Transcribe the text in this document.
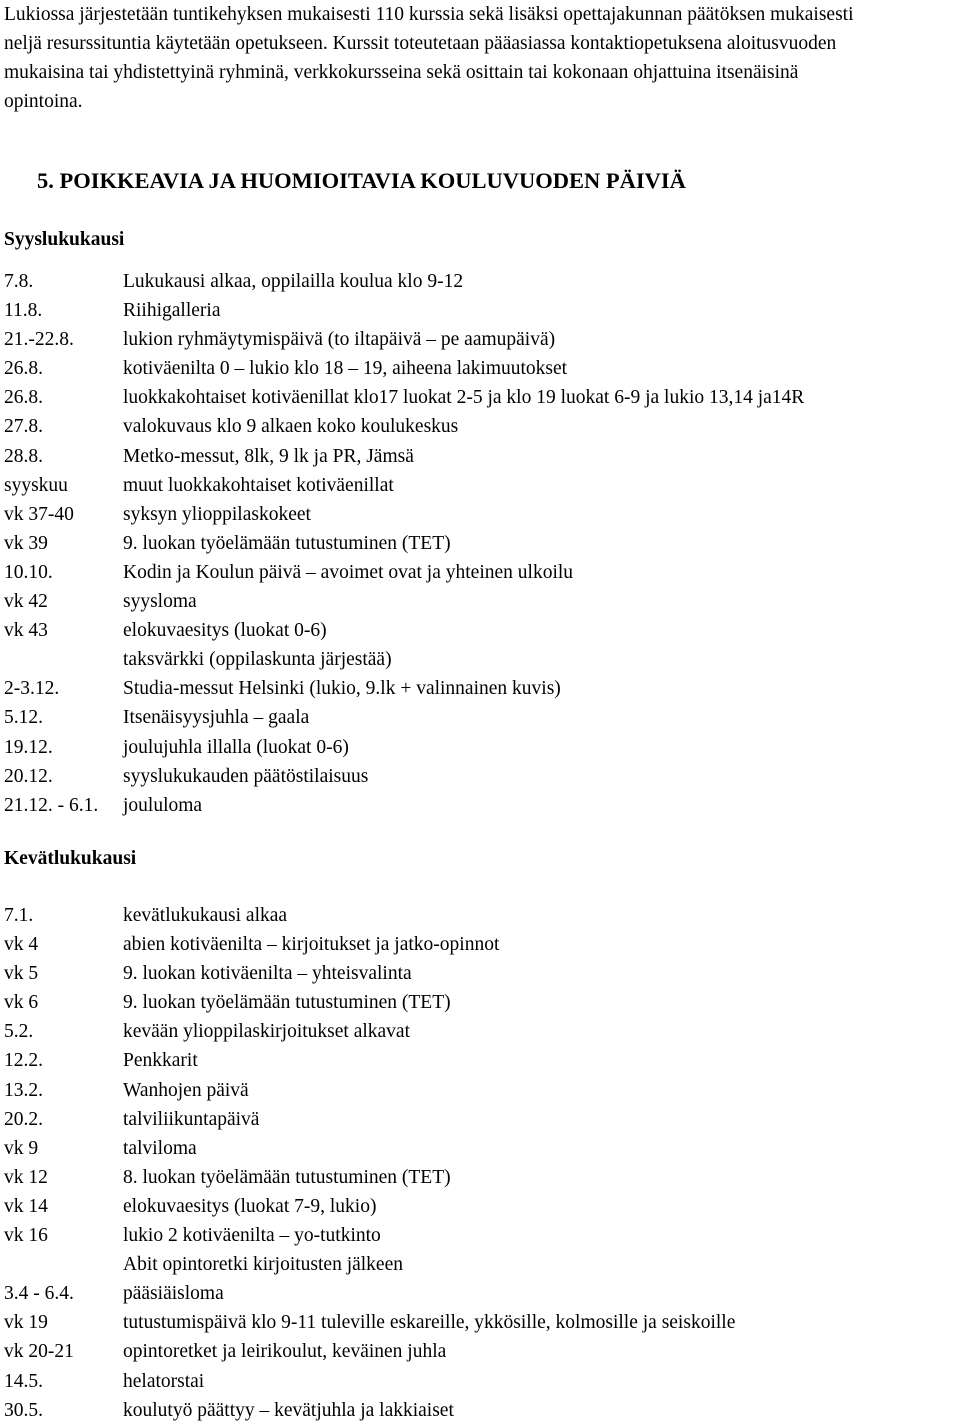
Lukiossa järjestetään tuntikehyksen mukaisesti 110 kurssia sekä lisäksi opettajakunnan päätöksen mukaisesti
neljä resurssituntia käytetään opetukseen. Kurssit toteutetaan pääasiassa kontaktiopetuksena aloitusvuoden
mukaisina tai yhdistettyinä ryhminä, verkkokursseina sekä osittain tai kokonaan ohjattuina itsenäisinä
opintoina.
5. POIKKEAVIA JA HUOMIOITAVIA KOULUVUODEN PÄIVIÄ
Syyslukukausi
7.8.	Lukukausi alkaa, oppilailla koulua klo 9-12
11.8.	Riihigalleria
21.-22.8.	lukion ryhmäytymispäivä (to iltapäivä – pe aamupäivä)
26.8.	kotiväenilta 0 – lukio klo 18 – 19, aiheena lakimuutokset
26.8.	luokkakohtaiset kotiväenillat klo17 luokat 2-5 ja klo 19 luokat 6-9 ja lukio 13,14 ja14R
27.8.	valokuvaus klo 9 alkaen koko koulukeskus
28.8.	Metko-messut, 8lk, 9 lk ja PR, Jämsä
syyskuu	muut luokkakohtaiset kotiväenillat
vk 37-40	syksyn ylioppilaskokeet
vk 39	9. luokan työelämään tutustuminen (TET)
10.10.	Kodin ja Koulun päivä – avoimet ovat ja yhteinen ulkoilu
vk 42	syysloma
vk 43	elokuvaesitys (luokat 0-6)
taksvärkki (oppilaskunta järjestää)
2-3.12.	Studia-messut Helsinki (lukio, 9.lk + valinnainen kuvis)
5.12.	Itsenäisyysjuhla – gaala
19.12.	joulujuhla illalla (luokat 0-6)
20.12.	syyslukukauden päätöstilaisuus
21.12. - 6.1. joululoma
Kevätlukukausi
7.1.	kevätlukukausi alkaa
vk 4	abien kotiväenilta – kirjoitukset ja jatko-opinnot
vk 5	9. luokan kotiväenilta – yhteisvalinta
vk 6	9. luokan työelämään tutustuminen (TET)
5.2.	kevään ylioppilaskirjoitukset alkavat
12.2.	Penkkarit
13.2.	Wanhojen päivä
20.2.	talviliikuntapäivä
vk 9	talviloma
vk 12	8. luokan työelämään tutustuminen (TET)
vk 14	elokuvaesitys (luokat 7-9, lukio)
vk 16	lukio 2 kotiväenilta – yo-tutkinto
Abit opintoretki kirjoitusten jälkeen
3.4 - 6.4.	pääsiäisloma
vk 19	tutustumispäivä klo 9-11 tuleville eskareille, ykkösille, kolmosille ja seiskoille
vk 20-21	opintoretket ja leirikoulut, keväinen juhla
14.5.	helatorstai
30.5.	koulutyö päättyy – kevätjuhla ja lakkiaiset
